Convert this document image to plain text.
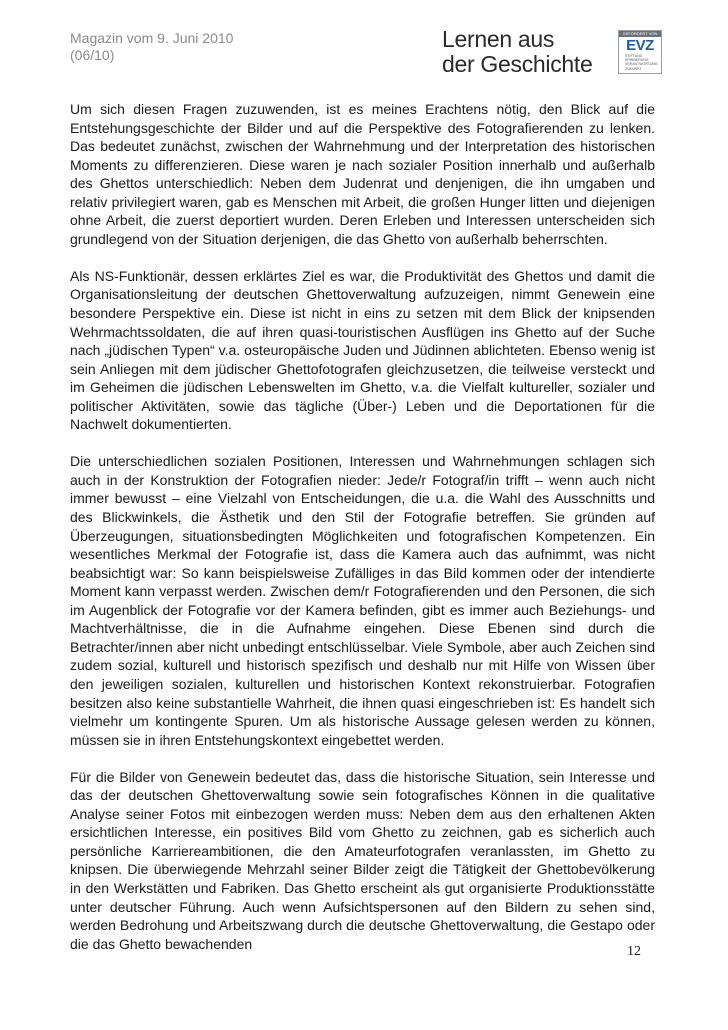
Magazin vom 9. Juni 2010
(06/10)
Lernen aus
der Geschichte
GEFÖRDERT VON
EVZ
STIFTUNG
ERINNERUNG
VERANTWORTUNG
ZUKUNFT

Um sich diesen Fragen zuzuwenden, ist es meines Erachtens nötig, den Blick auf die Entstehungsgeschichte der Bilder und auf die Perspektive des Fotografierenden zu lenken. Das bedeutet zunächst, zwischen der Wahrnehmung und der Interpretation des historischen Moments zu differenzieren. Diese waren je nach sozialer Position innerhalb und außerhalb des Ghettos unterschiedlich: Neben dem Judenrat und denjenigen, die ihn umgaben und relativ privilegiert waren, gab es Menschen mit Arbeit, die großen Hunger litten und diejenigen ohne Arbeit, die zuerst deportiert wurden. Deren Erleben und Interessen unterscheiden sich grundlegend von der Situation derjenigen, die das Ghetto von außerhalb beherrschten.

Als NS-Funktionär, dessen erklärtes Ziel es war, die Produktivität des Ghettos und damit die Organisationsleitung der deutschen Ghettoverwaltung aufzuzeigen, nimmt Genewein eine besondere Perspektive ein. Diese ist nicht in eins zu setzen mit dem Blick der knipsenden Wehrmachtssoldaten, die auf ihren quasi-touristischen Ausflügen ins Ghetto auf der Suche nach „jüdischen Typen“ v.a. osteuropäische Juden und Jüdinnen ablichteten. Ebenso wenig ist sein Anliegen mit dem jüdischer Ghettofotografen gleichzusetzen, die teilweise versteckt und im Geheimen die jüdischen Lebenswelten im Ghetto, v.a. die Vielfalt kultureller, sozialer und politischer Aktivitäten, sowie das tägliche (Über-) Leben und die Deportationen für die Nachwelt dokumentierten.

Die unterschiedlichen sozialen Positionen, Interessen und Wahrnehmungen schlagen sich auch in der Konstruktion der Fotografien nieder: Jede/r Fotograf/in trifft – wenn auch nicht immer bewusst – eine Vielzahl von Entscheidungen, die u.a. die Wahl des Ausschnitts und des Blickwinkels, die Ästhetik und den Stil der Fotografie betreffen. Sie gründen auf Überzeugungen, situationsbedingten Möglichkeiten und fotografischen Kompetenzen. Ein wesentliches Merkmal der Fotografie ist, dass die Kamera auch das aufnimmt, was nicht beabsichtigt war: So kann beispielsweise Zufälliges in das Bild kommen oder der intendierte Moment kann verpasst werden. Zwischen dem/r Fotografierenden und den Personen, die sich im Augenblick der Fotografie vor der Kamera befinden, gibt es immer auch Beziehungs- und Machtverhältnisse, die in die Aufnahme eingehen. Diese Ebenen sind durch die Betrachter/innen aber nicht unbedingt entschlüsselbar. Viele Symbole, aber auch Zeichen sind zudem sozial, kulturell und historisch spezifisch und deshalb nur mit Hilfe von Wissen über den jeweiligen sozialen, kulturellen und historischen Kontext rekonstruierbar. Fotografien besitzen also keine substantielle Wahrheit, die ihnen quasi eingeschrieben ist: Es handelt sich vielmehr um kontingente Spuren. Um als historische Aussage gelesen werden zu können, müssen sie in ihren Entstehungskontext eingebettet werden.

Für die Bilder von Genewein bedeutet das, dass die historische Situation, sein Interesse und das der deutschen Ghettoverwaltung sowie sein fotografisches Können in die qualitative Analyse seiner Fotos mit einbezogen werden muss: Neben dem aus den erhaltenen Akten ersichtlichen Interesse, ein positives Bild vom Ghetto zu zeichnen, gab es sicherlich auch persönliche Karriereambitionen, die den Amateurfotografen veranlassten, im Ghetto zu knipsen. Die überwiegende Mehrzahl seiner Bilder zeigt die Tätigkeit der Ghettobevölkerung in den Werkstätten und Fabriken. Das Ghetto erscheint als gut organisierte Produktionsstätte unter deutscher Führung. Auch wenn Aufsichtspersonen auf den Bildern zu sehen sind, werden Bedrohung und Arbeitszwang durch die deutsche Ghettoverwaltung, die Gestapo oder die das Ghetto bewachenden	12
